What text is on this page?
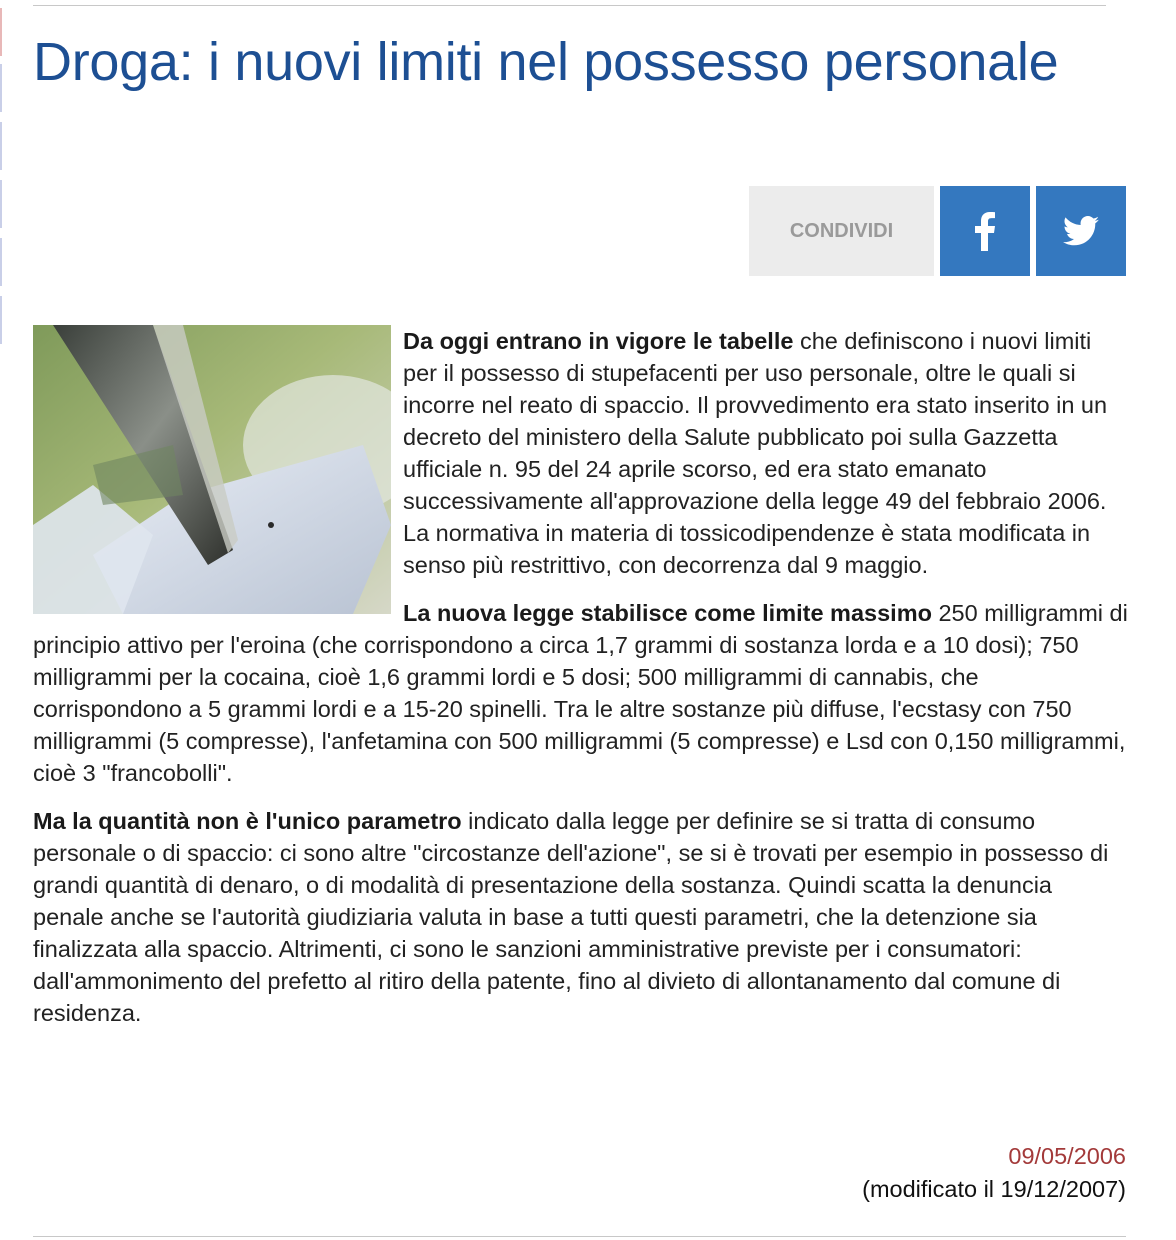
Droga: i nuovi limiti nel possesso personale
CONDIVIDI

Da oggi entrano in vigore le tabelle che definiscono i nuovi limiti per il possesso di stupefacenti per uso personale, oltre le quali si incorre nel reato di spaccio. Il provvedimento era stato inserito in un decreto del ministero della Salute pubblicato poi sulla Gazzetta ufficiale n. 95 del 24 aprile scorso, ed era stato emanato successivamente all'approvazione della legge 49 del febbraio 2006. La normativa in materia di tossicodipendenze è stata modificata in senso più restrittivo, con decorrenza dal 9 maggio.

La nuova legge stabilisce come limite massimo 250 milligrammi di principio attivo per l'eroina (che corrispondono a circa 1,7 grammi di sostanza lorda e a 10 dosi); 750 milligrammi per la cocaina, cioè 1,6 grammi lordi e 5 dosi; 500 milligrammi di cannabis, che corrispondono a 5 grammi lordi e a 15-20 spinelli. Tra le altre sostanze più diffuse, l'ecstasy con 750 milligrammi (5 compresse), l'anfetamina con 500 milligrammi (5 compresse) e Lsd con 0,150 milligrammi, cioè 3 "francobolli".

Ma la quantità non è l'unico parametro indicato dalla legge per definire se si tratta di consumo personale o di spaccio: ci sono altre "circostanze dell'azione", se si è trovati per esempio in possesso di grandi quantità di denaro, o di modalità di presentazione della sostanza. Quindi scatta la denuncia penale anche se l'autorità giudiziaria valuta in base a tutti questi parametri, che la detenzione sia finalizzata alla spaccio. Altrimenti, ci sono le sanzioni amministrative previste per i consumatori: dall'ammonimento del prefetto al ritiro della patente, fino al divieto di allontanamento dal comune di residenza.

09/05/2006
(modificato il 19/12/2007)
